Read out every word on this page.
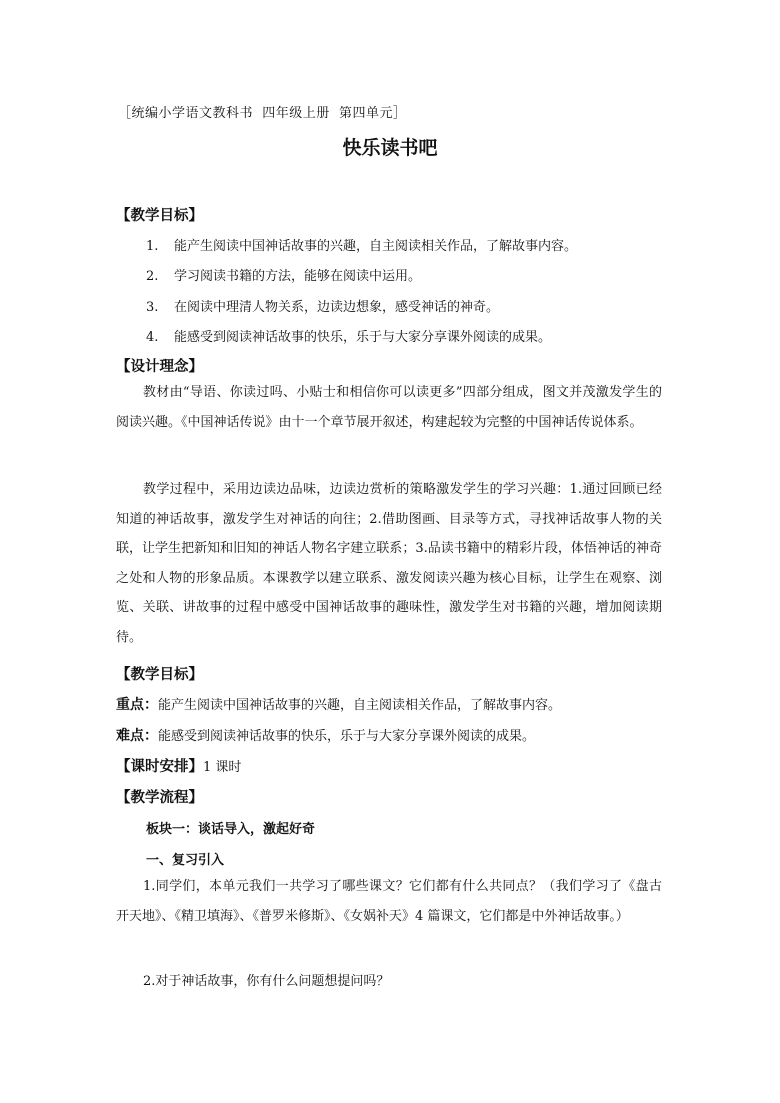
［统编小学语文教科书  四年级上册  第四单元］
快乐读书吧
【教学目标】
1. 能产生阅读中国神话故事的兴趣，自主阅读相关作品，了解故事内容。
2. 学习阅读书籍的方法，能够在阅读中运用。
3. 在阅读中理清人物关系，边读边想象，感受神话的神奇。
4. 能感受到阅读神话故事的快乐，乐于与大家分享课外阅读的成果。
【设计理念】
教材由“导语、你读过吗、小贴士和相信你可以读更多”四部分组成，图文并茂激发学生的阅读兴趣。《中国神话传说》由十一个章节展开叙述，构建起较为完整的中国神话传说体系。
教学过程中，采用边读边品味，边读边赏析的策略激发学生的学习兴趣：1.通过回顾已经知道的神话故事，激发学生对神话的向往；2.借助图画、目录等方式，寻找神话故事人物的关联，让学生把新知和旧知的神话人物名字建立联系；3.品读书籍中的精彩片段，体悟神话的神奇之处和人物的形象品质。本课教学以建立联系、激发阅读兴趣为核心目标，让学生在观察、浏览、关联、讲故事的过程中感受中国神话故事的趣味性，激发学生对书籍的兴趣，增加阅读期待。
【教学目标】
重点：能产生阅读中国神话故事的兴趣，自主阅读相关作品，了解故事内容。
难点：能感受到阅读神话故事的快乐，乐于与大家分享课外阅读的成果。
【课时安排】1 课时
【教学流程】
板块一：谈话导入，激起好奇
一、复习引入
1.同学们，本单元我们一共学习了哪些课文？它们都有什么共同点？（我们学习了《盘古开天地》、《精卫填海》、《普罗米修斯》、《女娲补天》4 篇课文，它们都是中外神话故事。）
2.对于神话故事，你有什么问题想提问吗？
